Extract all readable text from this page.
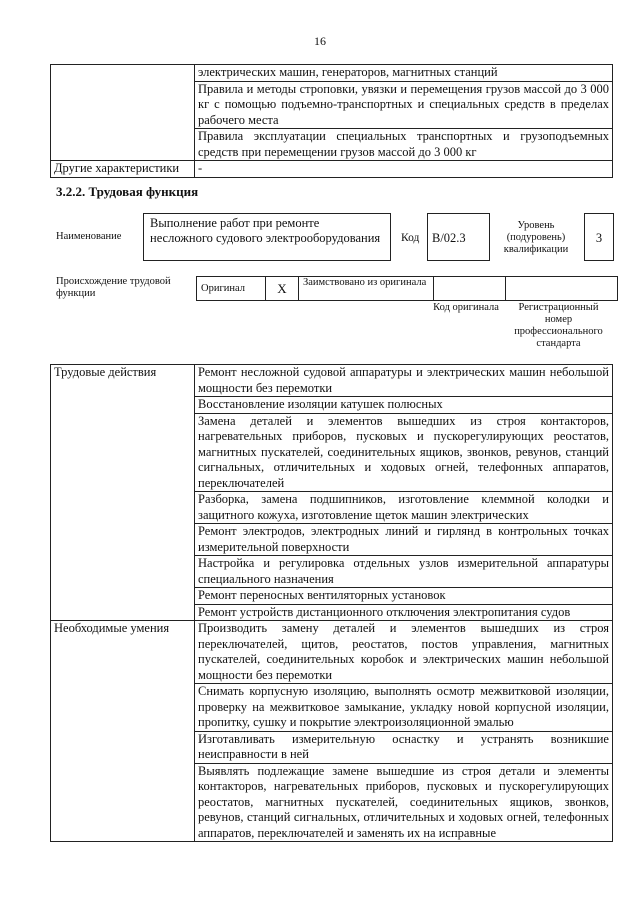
16
	электрических машин, генераторов, магнитных станций
	Правила и методы строповки, увязки и перемещения грузов массой до 3 000 кг с помощью подъемно-транспортных и специальных средств в пределах рабочего места
	Правила эксплуатации специальных транспортных и грузоподъемных средств при перемещении грузов массой до 3 000 кг
Другие характеристики	-
3.2.2. Трудовая функция
Наименование
Выполнение работ при ремонте несложного судового электрооборудования	Код	B/02.3
Уровень (подуровень) квалификации
3
Происхождение трудовой функции	Оригинал	X	Заимствовано из оригинала		
Код оригинала	Регистрационный номер профессионального стандарта
Трудовые действия	Ремонт несложной судовой аппаратуры и электрических машин небольшой мощности без перемотки
	Восстановление изоляции катушек полюсных
	Замена деталей и элементов вышедших из строя контакторов, нагревательных приборов, пусковых и пускорегулирующих реостатов, магнитных пускателей, соединительных ящиков, звонков, ревунов, станций сигнальных, отличительных и ходовых огней, телефонных аппаратов, переключателей
	Разборка, замена подшипников, изготовление клеммной колодки и защитного кожуха, изготовление щеток машин электрических
	Ремонт электродов, электродных линий и гирлянд в контрольных точках измерительной поверхности
	Настройка и регулировка отдельных узлов измерительной аппаратуры специального назначения
	Ремонт переносных вентиляторных установок
	Ремонт устройств дистанционного отключения электропитания судов
Необходимые умения	Производить замену деталей и элементов вышедших из строя переключателей, щитов, реостатов, постов управления, магнитных пускателей, соединительных коробок и электрических машин небольшой мощности без перемотки
	Снимать корпусную изоляцию, выполнять осмотр межвитковой изоляции, проверку на межвитковое замыкание, укладку новой корпусной изоляции, пропитку, сушку и покрытие электроизоляционной эмалью
	Изготавливать измерительную оснастку и устранять возникшие неисправности в ней
	Выявлять подлежащие замене вышедшие из строя детали и элементы контакторов, нагревательных приборов, пусковых и пускорегулирующих реостатов, магнитных пускателей, соединительных ящиков, звонков, ревунов, станций сигнальных, отличительных и ходовых огней, телефонных аппаратов, переключателей и заменять их на исправные
